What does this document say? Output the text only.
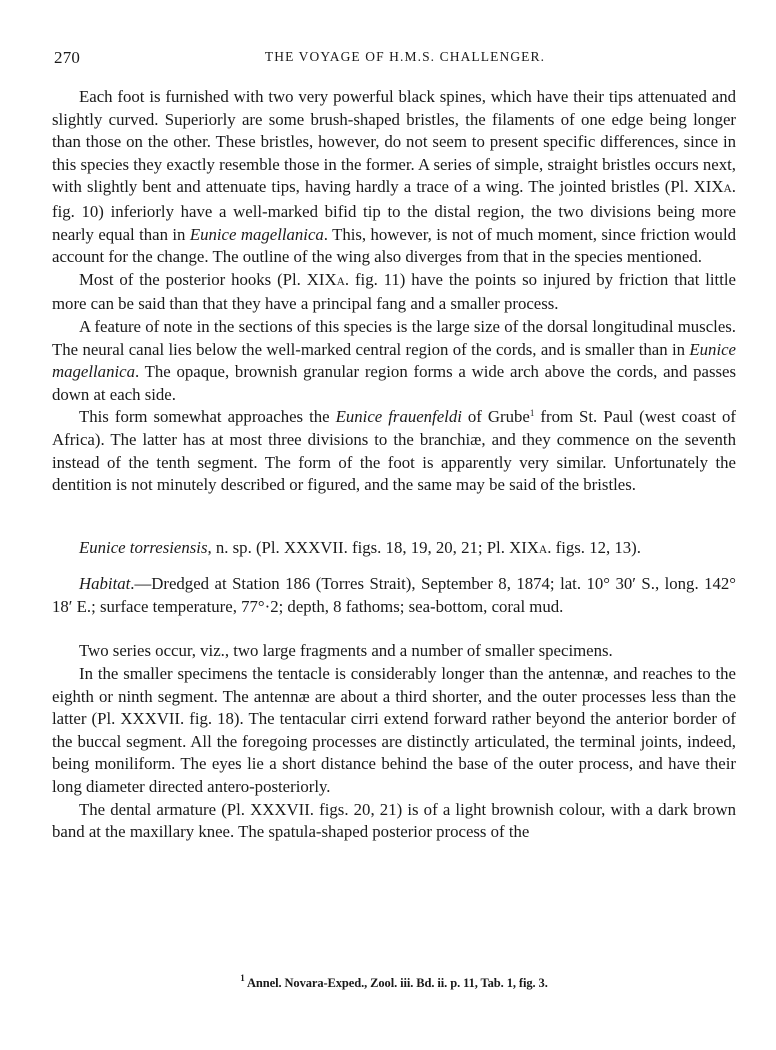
270	THE VOYAGE OF H.M.S. CHALLENGER.

Each foot is furnished with two very powerful black spines, which have their tips attenuated and slightly curved. Superiorly are some brush-shaped bristles, the filaments of one edge being longer than those on the other. These bristles, however, do not seem to present specific differences, since in this species they exactly resemble those in the former. A series of simple, straight bristles occurs next, with slightly bent and attenuate tips, having hardly a trace of a wing. The jointed bristles (Pl. XIXA. fig. 10) inferiorly have a well-marked bifid tip to the distal region, the two divisions being more nearly equal than in Eunice magellanica. This, however, is not of much moment, since friction would account for the change. The outline of the wing also diverges from that in the species mentioned.

Most of the posterior hooks (Pl. XIXA. fig. 11) have the points so injured by friction that little more can be said than that they have a principal fang and a smaller process.

A feature of note in the sections of this species is the large size of the dorsal longitudinal muscles. The neural canal lies below the well-marked central region of the cords, and is smaller than in Eunice magellanica. The opaque, brownish granular region forms a wide arch above the cords, and passes down at each side.

This form somewhat approaches the Eunice frauenfeldi of Grube$^1$ from St. Paul (west coast of Africa). The latter has at most three divisions to the branchiæ, and they commence on the seventh instead of the tenth segment. The form of the foot is apparently very similar. Unfortunately the dentition is not minutely described or figured, and the same may be said of the bristles.

Eunice torresiensis, n. sp. (Pl. XXXVII. figs. 18, 19, 20, 21; Pl. XIXA. figs. 12, 13).

Habitat.—Dredged at Station 186 (Torres Strait), September 8, 1874; lat. 10° 30′ S., long. 142° 18′ E.; surface temperature, 77°·2; depth, 8 fathoms; sea-bottom, coral mud.

Two series occur, viz., two large fragments and a number of smaller specimens.

In the smaller specimens the tentacle is considerably longer than the antennæ, and reaches to the eighth or ninth segment. The antennæ are about a third shorter, and the outer processes less than the latter (Pl. XXXVII. fig. 18). The tentacular cirri extend forward rather beyond the anterior border of the buccal segment. All the foregoing processes are distinctly articulated, the terminal joints, indeed, being moniliform. The eyes lie a short distance behind the base of the outer process, and have their long diameter directed antero-posteriorly.

The dental armature (Pl. XXXVII. figs. 20, 21) is of a light brownish colour, with a dark brown band at the maxillary knee. The spatula-shaped posterior process of the

$^1$ Annel. Novara-Exped., Zool. iii. Bd. ii. p. 11, Tab. 1, fig. 3.
